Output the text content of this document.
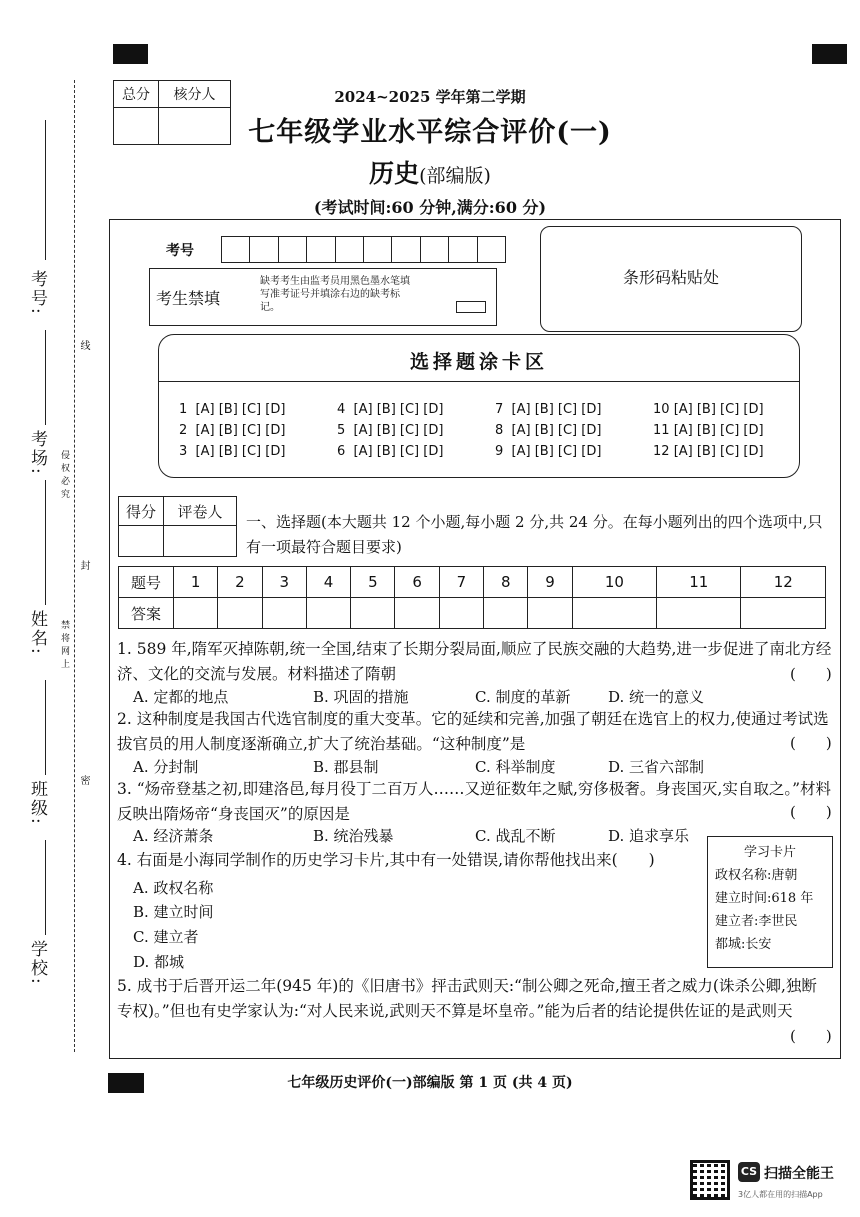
考号:
考场:
姓名:
班级:
学校:
线
侵权必究
封
禁将网上
密
总分	核分人
		2024~2025 学年第二学期
七年级学业水平综合评价(一)
历史(部编版)
(考试时间:60 分钟,满分:60 分)
考号
考生禁填
缺考考生由监考员用黑色墨水笔填写准考证号并填涂右边的缺考标记。
条形码粘贴处
选择题涂卡区
1 [A] [B] [C] [D]	4 [A] [B] [C] [D]	7 [A] [B] [C] [D]	10 [A] [B] [C] [D]
2 [A] [B] [C] [D]	5 [A] [B] [C] [D]	8 [A] [B] [C] [D]	11 [A] [B] [C] [D]
3 [A] [B] [C] [D]	6 [A] [B] [C] [D]	9 [A] [B] [C] [D]	12 [A] [B] [C] [D]
得分	评卷人

一、选择题(本大题共 12 个小题,每小题 2 分,共 24 分。在每小题列出的四个选项中,只有一项最符合题目要求)
题号	1	2	3	4	5	6	7	8	9	10	11	12
答案												
1. 589 年,隋军灭掉陈朝,统一全国,结束了长期分裂局面,顺应了民族交融的大趋势,进一步促进了南北方经济、文化的交流与发展。材料描述了隋朝	(　　)
A. 定都的地点	B. 巩固的措施	C. 制度的革新	D. 统一的意义
2. 这种制度是我国古代选官制度的重大变革。它的延续和完善,加强了朝廷在选官上的权力,使通过考试选拔官员的用人制度逐渐确立,扩大了统治基础。“这种制度”是	(　　)
A. 分封制	B. 郡县制	C. 科举制度	D. 三省六部制
3. “炀帝登基之初,即建洛邑,每月役丁二百万人……又逆征数年之赋,穷侈极奢。身丧国灭,实自取之。”材料反映出隋炀帝“身丧国灭”的原因是	(　　)
A. 经济萧条	B. 统治残暴	C. 战乱不断	D. 追求享乐
4. 右面是小海同学制作的历史学习卡片,其中有一处错误,请你帮他找出来(　　)
A. 政权名称
B. 建立时间
C. 建立者
D. 都城
学习卡片
政权名称:唐朝
建立时间:618 年
建立者:李世民
都城:长安
5. 成书于后晋开运二年(945 年)的《旧唐书》抨击武则天:“制公卿之死命,擅王者之威力(诛杀公卿,独断专权)。”但也有史学家认为:“对人民来说,武则天不算是坏皇帝。”能为后者的结论提供佐证的是武则天
(　　)
七年级历史评价(一)部编版 第 1 页 (共 4 页)
CS 扫描全能王
3亿人都在用的扫描App
